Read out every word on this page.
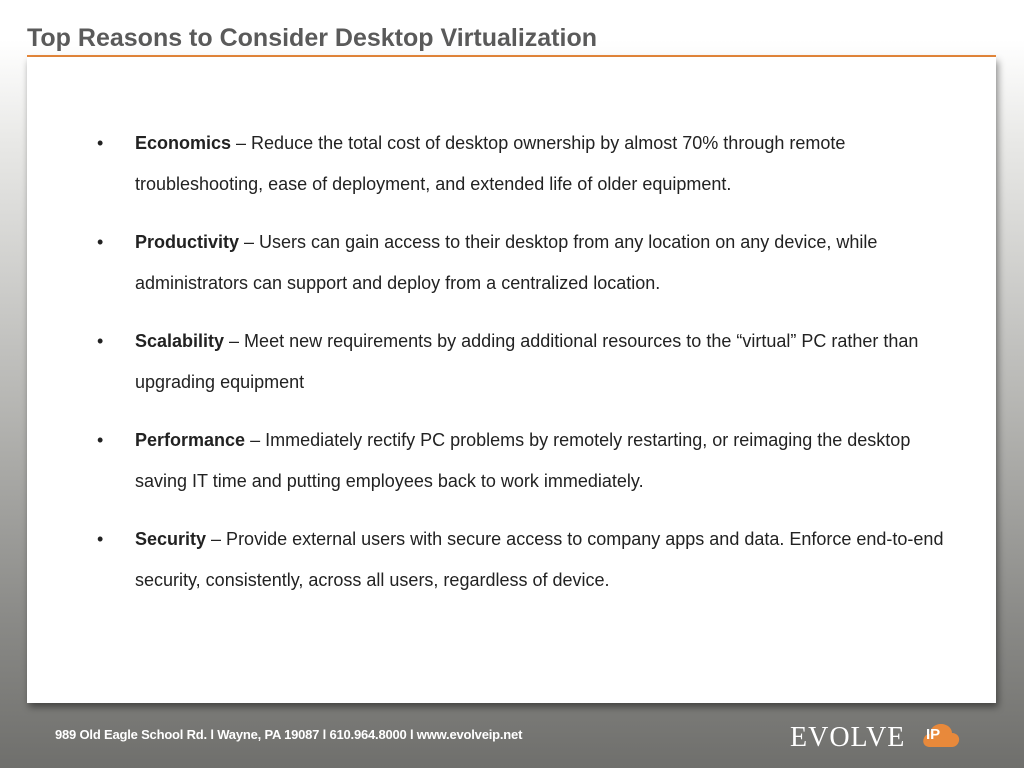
Top Reasons to Consider Desktop Virtualization
• Economics – Reduce the total cost of desktop ownership by almost 70% through remote troubleshooting, ease of deployment, and extended life of older equipment.
• Productivity – Users can gain access to their desktop from any location on any device, while administrators can support and deploy from a centralized location.
• Scalability – Meet new requirements by adding additional resources to the “virtual” PC rather than upgrading equipment
• Performance – Immediately rectify PC problems by remotely restarting, or reimaging the desktop saving IT time and putting employees back to work immediately.
• Security – Provide external users with secure access to company apps and data. Enforce end-to-end security, consistently, across all users, regardless of device.
989 Old Eagle School Rd. l Wayne, PA 19087 l 610.964.8000 l www.evolveip.net	EVOLVE IP
